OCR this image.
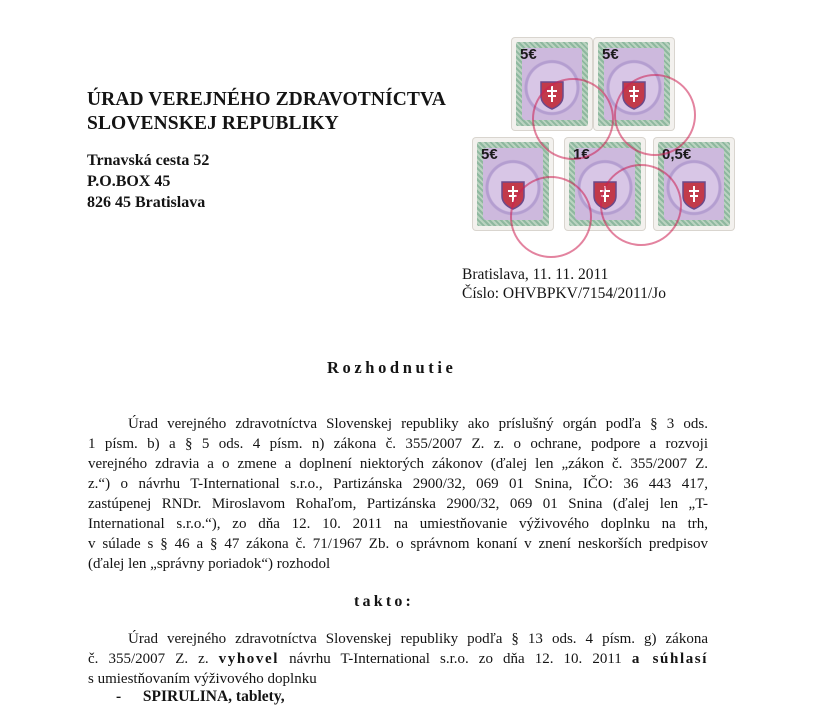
ÚRAD VEREJNÉHO ZDRAVOTNÍCTVA
SLOVENSKEJ REPUBLIKY
Trnavská cesta 52
P.O.BOX 45
826 45 Bratislava
5€	5€
5€	1€	0,5€
Bratislava, 11. 11. 2011
Číslo: OHVBPKV/7154/2011/Jo
Rozhodnutie
Úrad verejného zdravotníctva Slovenskej republiky ako príslušný orgán podľa § 3 ods.
1 písm. b) a § 5 ods. 4 písm. n) zákona č. 355/2007 Z. z. o ochrane, podpore a rozvoji
verejného zdravia a o zmene a doplnení niektorých zákonov (ďalej len „zákon č. 355/2007 Z.
z.“) o návrhu T-International s.r.o., Partizánska 2900/32, 069 01 Snina, IČO: 36 443 417,
zastúpenej RNDr. Miroslavom Rohaľom, Partizánska 2900/32, 069 01 Snina (ďalej len „T-
International s.r.o.“), zo dňa 12. 10. 2011 na umiestňovanie výživového doplnku na trh,
v súlade s § 46 a § 47 zákona č. 71/1967 Zb. o správnom konaní v znení neskorších predpisov
(ďalej len „správny poriadok“) rozhodol
takto:
Úrad verejného zdravotníctva Slovenskej republiky podľa § 13 ods. 4 písm. g) zákona
č. 355/2007 Z. z. vyhovel návrhu T-International s.r.o. zo dňa 12. 10. 2011 a súhlasí
s umiestňovaním výživového doplnku
- SPIRULINA, tablety,
